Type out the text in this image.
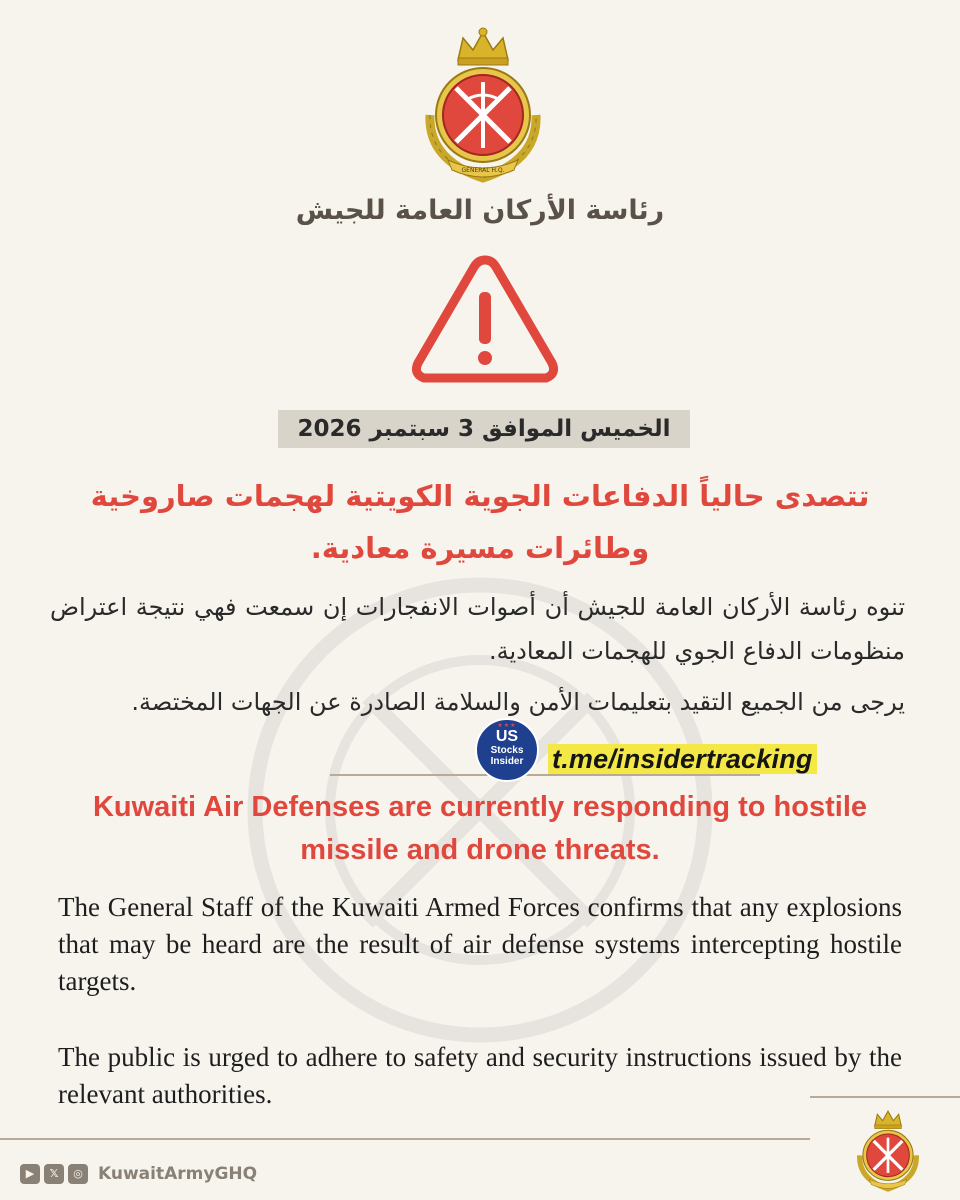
GENERAL H.Q.
رئاسة الأركان العامة للجيش
الخميس الموافق 3 سبتمبر 2026
تتصدى حالياً الدفاعات الجوية الكويتية لهجمات صاروخية وطائرات مسيرة معادية.
تنوه رئاسة الأركان العامة للجيش أن أصوات الانفجارات إن سمعت فهي نتيجة اعتراض منظومات الدفاع الجوي للهجمات المعادية.
يرجى من الجميع التقيد بتعليمات الأمن والسلامة الصادرة عن الجهات المختصة.
★★★
US
Stocks
Insider	t.me/insidertracking
Kuwaiti Air Defenses are currently responding to hostile missile and drone threats.
The General Staff of the Kuwaiti Armed Forces confirms that any explosions that may be heard are the result of air defense systems intercepting hostile targets.
The public is urged to adhere to safety and security instructions issued by the relevant authorities.
▶	𝕏	◎ KuwaitArmyGHQ
